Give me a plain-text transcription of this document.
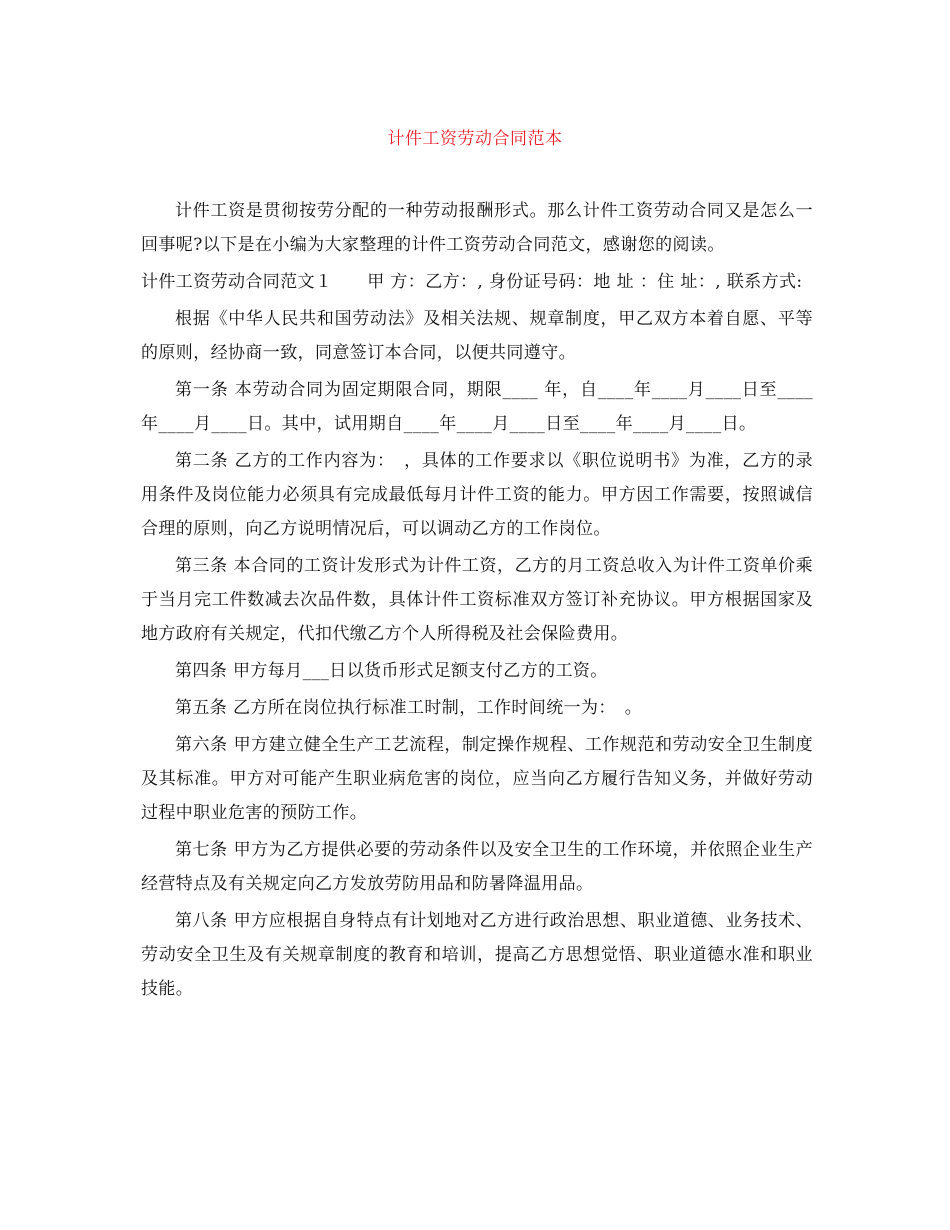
计件工资劳动合同范本

计件工资是贯彻按劳分配的一种劳动报酬形式。那么计件工资劳动合同又是怎么一回事呢?以下是在小编为大家整理的计件工资劳动合同范文，感谢您的阅读。

计件工资劳动合同范文１　　甲 方：乙方：, 身份证号码：地 址 ：住 址：, 联系方式:

根据《中华人民共和国劳动法》及相关法规、规章制度，甲乙双方本着自愿、平等的原则，经协商一致，同意签订本合同，以便共同遵守。

第一条 本劳动合同为固定期限合同，期限____ 年，自____年____月____日至____年____月____日。其中，试用期自____年____月____日至____年____月____日。

第二条 乙方的工作内容为：　，具体的工作要求以《职位说明书》为准，乙方的录用条件及岗位能力必须具有完成最低每月计件工资的能力。甲方因工作需要，按照诚信合理的原则，向乙方说明情况后，可以调动乙方的工作岗位。

第三条 本合同的工资计发形式为计件工资，乙方的月工资总收入为计件工资单价乘于当月完工件数减去次品件数，具体计件工资标准双方签订补充协议。甲方根据国家及地方政府有关规定，代扣代缴乙方个人所得税及社会保险费用。

第四条 甲方每月___日以货币形式足额支付乙方的工资。

第五条 乙方所在岗位执行标准工时制，工作时间统一为：　。

第六条 甲方建立健全生产工艺流程，制定操作规程、工作规范和劳动安全卫生制度及其标准。甲方对可能产生职业病危害的岗位，应当向乙方履行告知义务，并做好劳动过程中职业危害的预防工作。

第七条 甲方为乙方提供必要的劳动条件以及安全卫生的工作环境，并依照企业生产经营特点及有关规定向乙方发放劳防用品和防暑降温用品。

第八条 甲方应根据自身特点有计划地对乙方进行政治思想、职业道德、业务技术、劳动安全卫生及有关规章制度的教育和培训，提高乙方思想觉悟、职业道德水准和职业技能。
